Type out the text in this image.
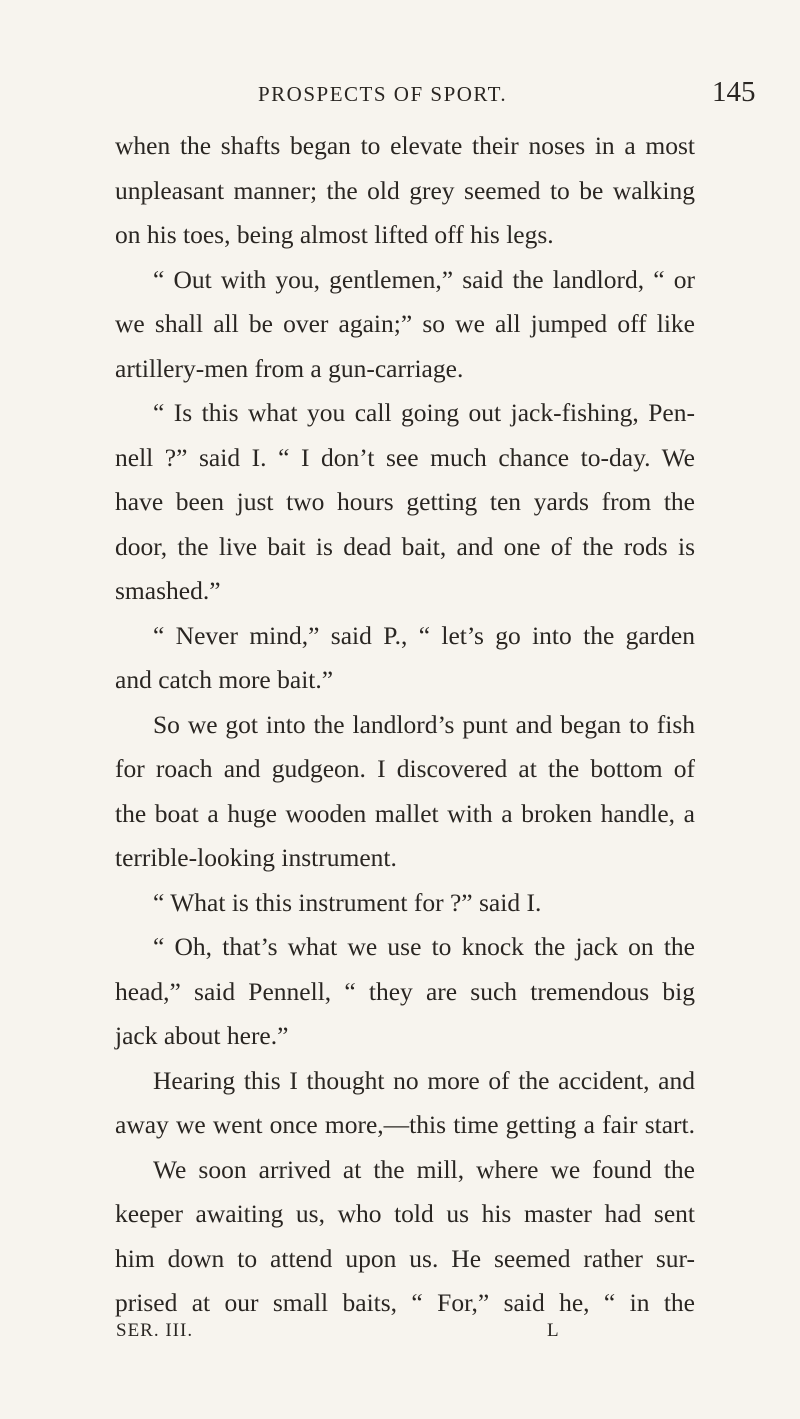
PROSPECTS OF SPORT.	145
when the shafts began to elevate their noses in a most
unpleasant manner; the old grey seemed to be walking
on his toes, being almost lifted off his legs.
“ Out with you, gentlemen,” said the landlord, “ or
we shall all be over again;” so we all jumped off like
artillery-men from a gun-carriage.
“ Is this what you call going out jack-fishing, Pen-
nell ?” said I. “ I don’t see much chance to-day. We
have been just two hours getting ten yards from the
door, the live bait is dead bait, and one of the rods is
smashed.”
“ Never mind,” said P., “ let’s go into the garden
and catch more bait.”
So we got into the landlord’s punt and began to fish
for roach and gudgeon. I discovered at the bottom of
the boat a huge wooden mallet with a broken handle, a
terrible-looking instrument.
“ What is this instrument for ?” said I.
“ Oh, that’s what we use to knock the jack on the
head,” said Pennell, “ they are such tremendous big
jack about here.”
Hearing this I thought no more of the accident, and
away we went once more,—this time getting a fair start.
We soon arrived at the mill, where we found the
keeper awaiting us, who told us his master had sent
him down to attend upon us. He seemed rather sur-
prised at our small baits, “ For,” said he, “ in the
SER. III.	L
